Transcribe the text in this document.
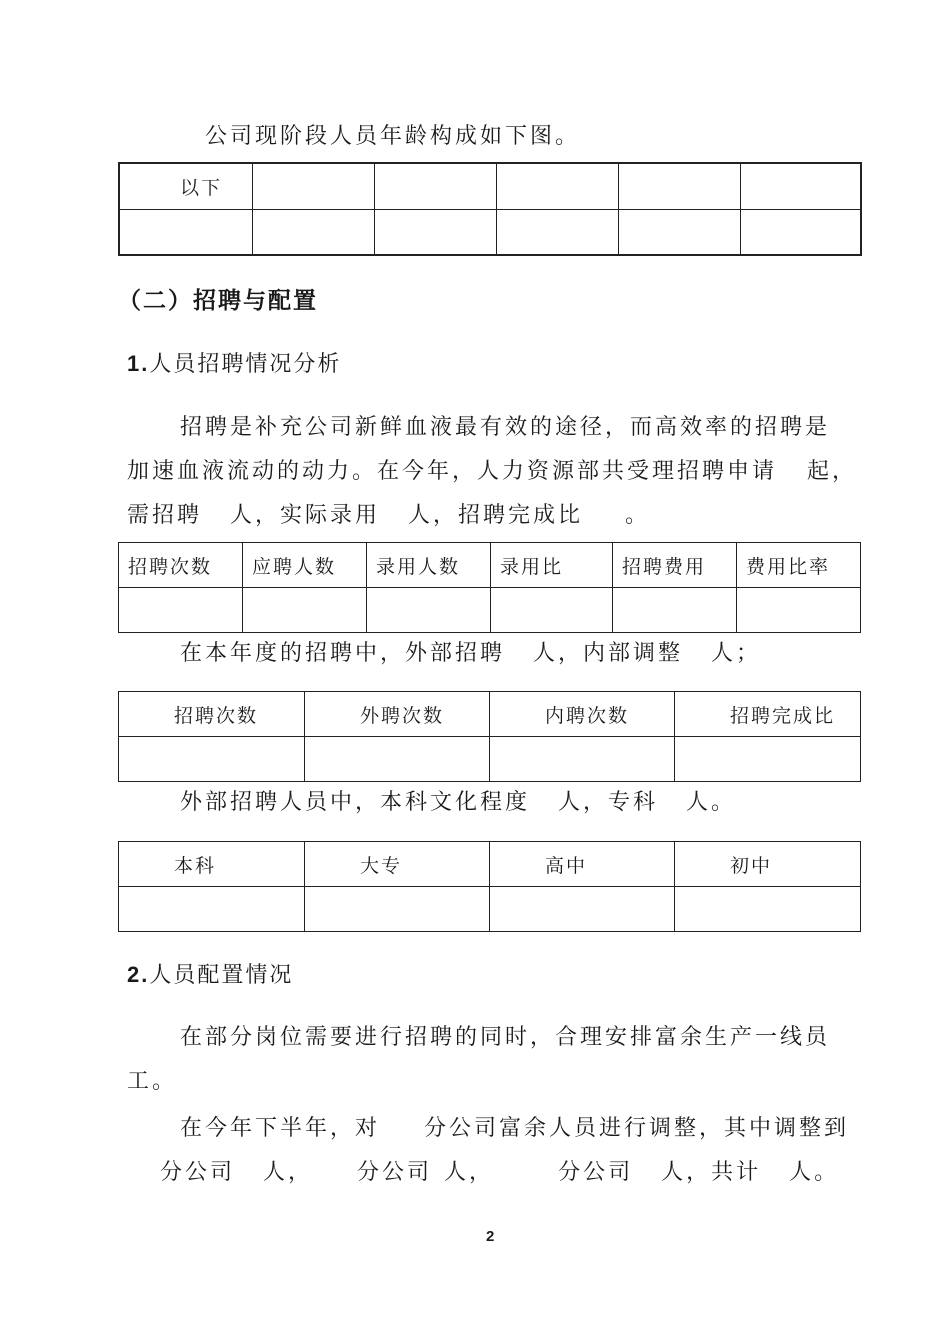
公司现阶段人员年龄构成如下图。
以下					

（二）招聘与配置
1.人员招聘情况分析
招聘是补充公司新鲜血液最有效的途径，而高效率的招聘是
加速血液流动的动力。在今年，人力资源部共受理招聘申请 起，
需招聘 人，实际录用 人，招聘完成比 。
招聘次数	应聘人数	录用人数	录用比	招聘费用	费用比率

在本年度的招聘中，外部招聘 人，内部调整 人；
招聘次数	外聘次数	内聘次数	招聘完成比

外部招聘人员中，本科文化程度 人，专科 人。
本科	大专	高中	初中

2.人员配置情况
在部分岗位需要进行招聘的同时，合理安排富余生产一线员
工。
在今年下半年，对 分公司富余人员进行调整，其中调整到
分公司 人， 分公司 人，	分公司 人，共计 人。
2
